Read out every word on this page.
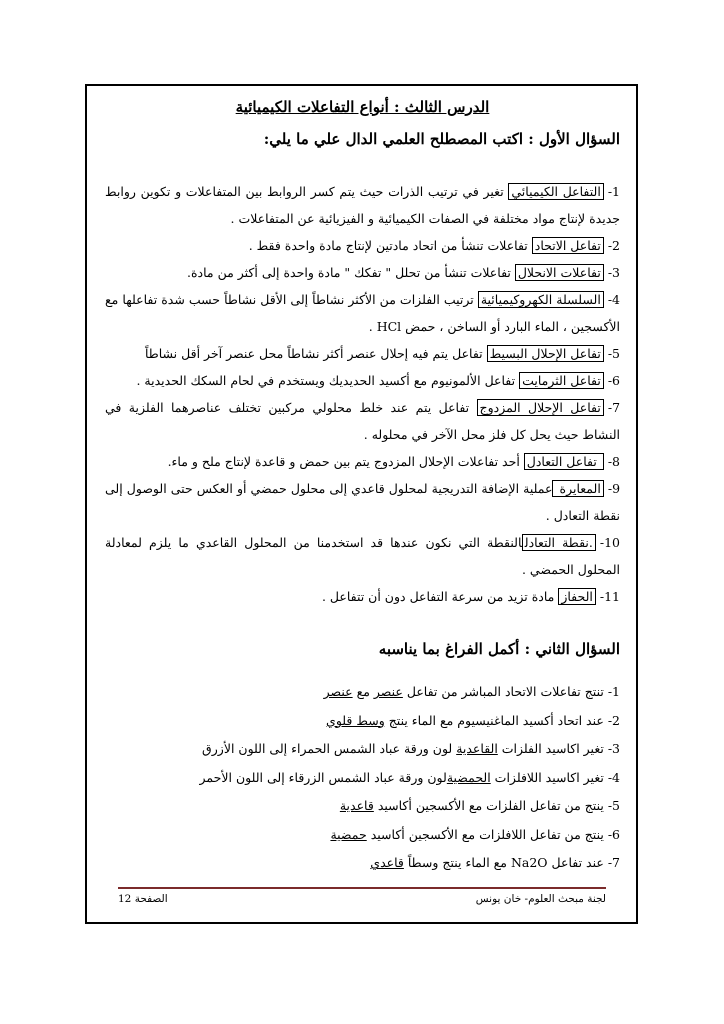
الدرس الثالث : أنواع التفاعلات الكيميائية
السؤال الأول : اكتب المصطلح العلمي الدال علي ما يلي:

1-التفاعل الكيميائي تغير في ترتيب الذرات حيث يتم كسر الروابط بين المتفاعلات و تكوين روابط جديدة لإنتاج مواد مختلفة في الصفات الكيميائية و الفيزيائية عن المتفاعلات .

2-تفاعل الاتحاد تفاعلات تنشأ من اتحاد مادتين لإنتاج مادة واحدة فقط .

3-تفاعلات الانحلال تفاعلات تنشأ من تحلل " تفكك " مادة واحدة إلى أكثر من مادة.

4-السلسلة الكهروكيميائية ترتيب الفلزات من الأكثر نشاطاً إلى الأقل نشاطاً حسب شدة تفاعلها مع الأكسجين ، الماء البارد أو الساخن ، حمض HCl .

5-تفاعل الإحلال البسيط تفاعل يتم فيه إحلال عنصر أكثر نشاطاً محل عنصر آخر أقل نشاطاً

6-تفاعل الثرمايت تفاعل الألمونيوم مع أكسيد الحديديك ويستخدم في لحام السكك الحديدية .

7-تفاعل الإحلال المزدوج تفاعل يتم عند خلط محلولي مركبين تختلف عناصرهما الفلزية في النشاط حيث يحل كل فلز محل الآخر في محلوله .

8- تفاعل التعادل أحد تفاعلات الإحلال المزدوج يتم بين حمض و قاعدة لإنتاج ملح و ماء.

9-المعايرة عملية الإضافة التدريجية لمحلول قاعدي إلى محلول حمضي أو العكس حتى الوصول إلى نقطة التعادل .

10-.نقطة التعادلالنقطة التي نكون عندها قد استخدمنا من المحلول القاعدي ما يلزم لمعادلة المحلول الحمضي .

11-الحفاز مادة تزيد من سرعة التفاعل دون أن تتفاعل .

السؤال الثاني : أكمل الفراغ بما يناسبه

1- تنتج تفاعلات الاتحاد المباشر من تفاعل عنصر مع عنصر

2- عند اتحاد أكسيد الماغنيسيوم مع الماء ينتج وسط قلوي

3- تغير اكاسيد الفلزات القاعدية لون ورقة عباد الشمس الحمراء إلى اللون الأزرق

4- تغير اكاسيد اللافلزات الحمضيةلون ورقة عباد الشمس الزرقاء إلى اللون الأحمر

5- ينتج من تفاعل الفلزات مع الأكسجين أكاسيد قاعدية

6- ينتج من تفاعل اللافلزات مع الأكسجين أكاسيد حمضية

7- عند تفاعل Na2O مع الماء ينتج وسطاً قاعدي

لجنة مبحث العلوم- خان يونس
الصفحة 12
